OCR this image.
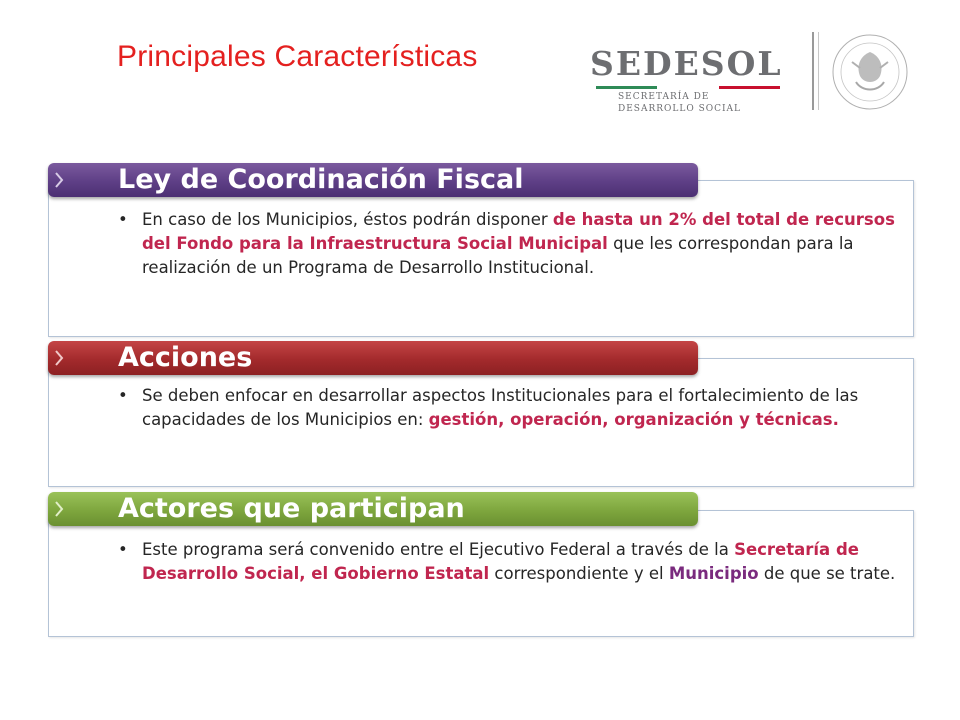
Principales Características	SEDESOL
SECRETARÍA DE
DESARROLLO SOCIAL
Ley de Coordinación Fiscal

• En caso de los Municipios, éstos podrán disponer de hasta un 2% del total de recursos del Fondo para la Infraestructura Social Municipal que les correspondan para la realización de un Programa de Desarrollo Institucional.

Acciones

• Se deben enfocar en desarrollar aspectos Institucionales para el fortalecimiento de las capacidades de los Municipios en: gestión, operación, organización y técnicas.

Actores que participan

• Este programa será convenido entre el Ejecutivo Federal a través de la Secretaría de Desarrollo Social, el Gobierno Estatal correspondiente y el Municipio de que se trate.
